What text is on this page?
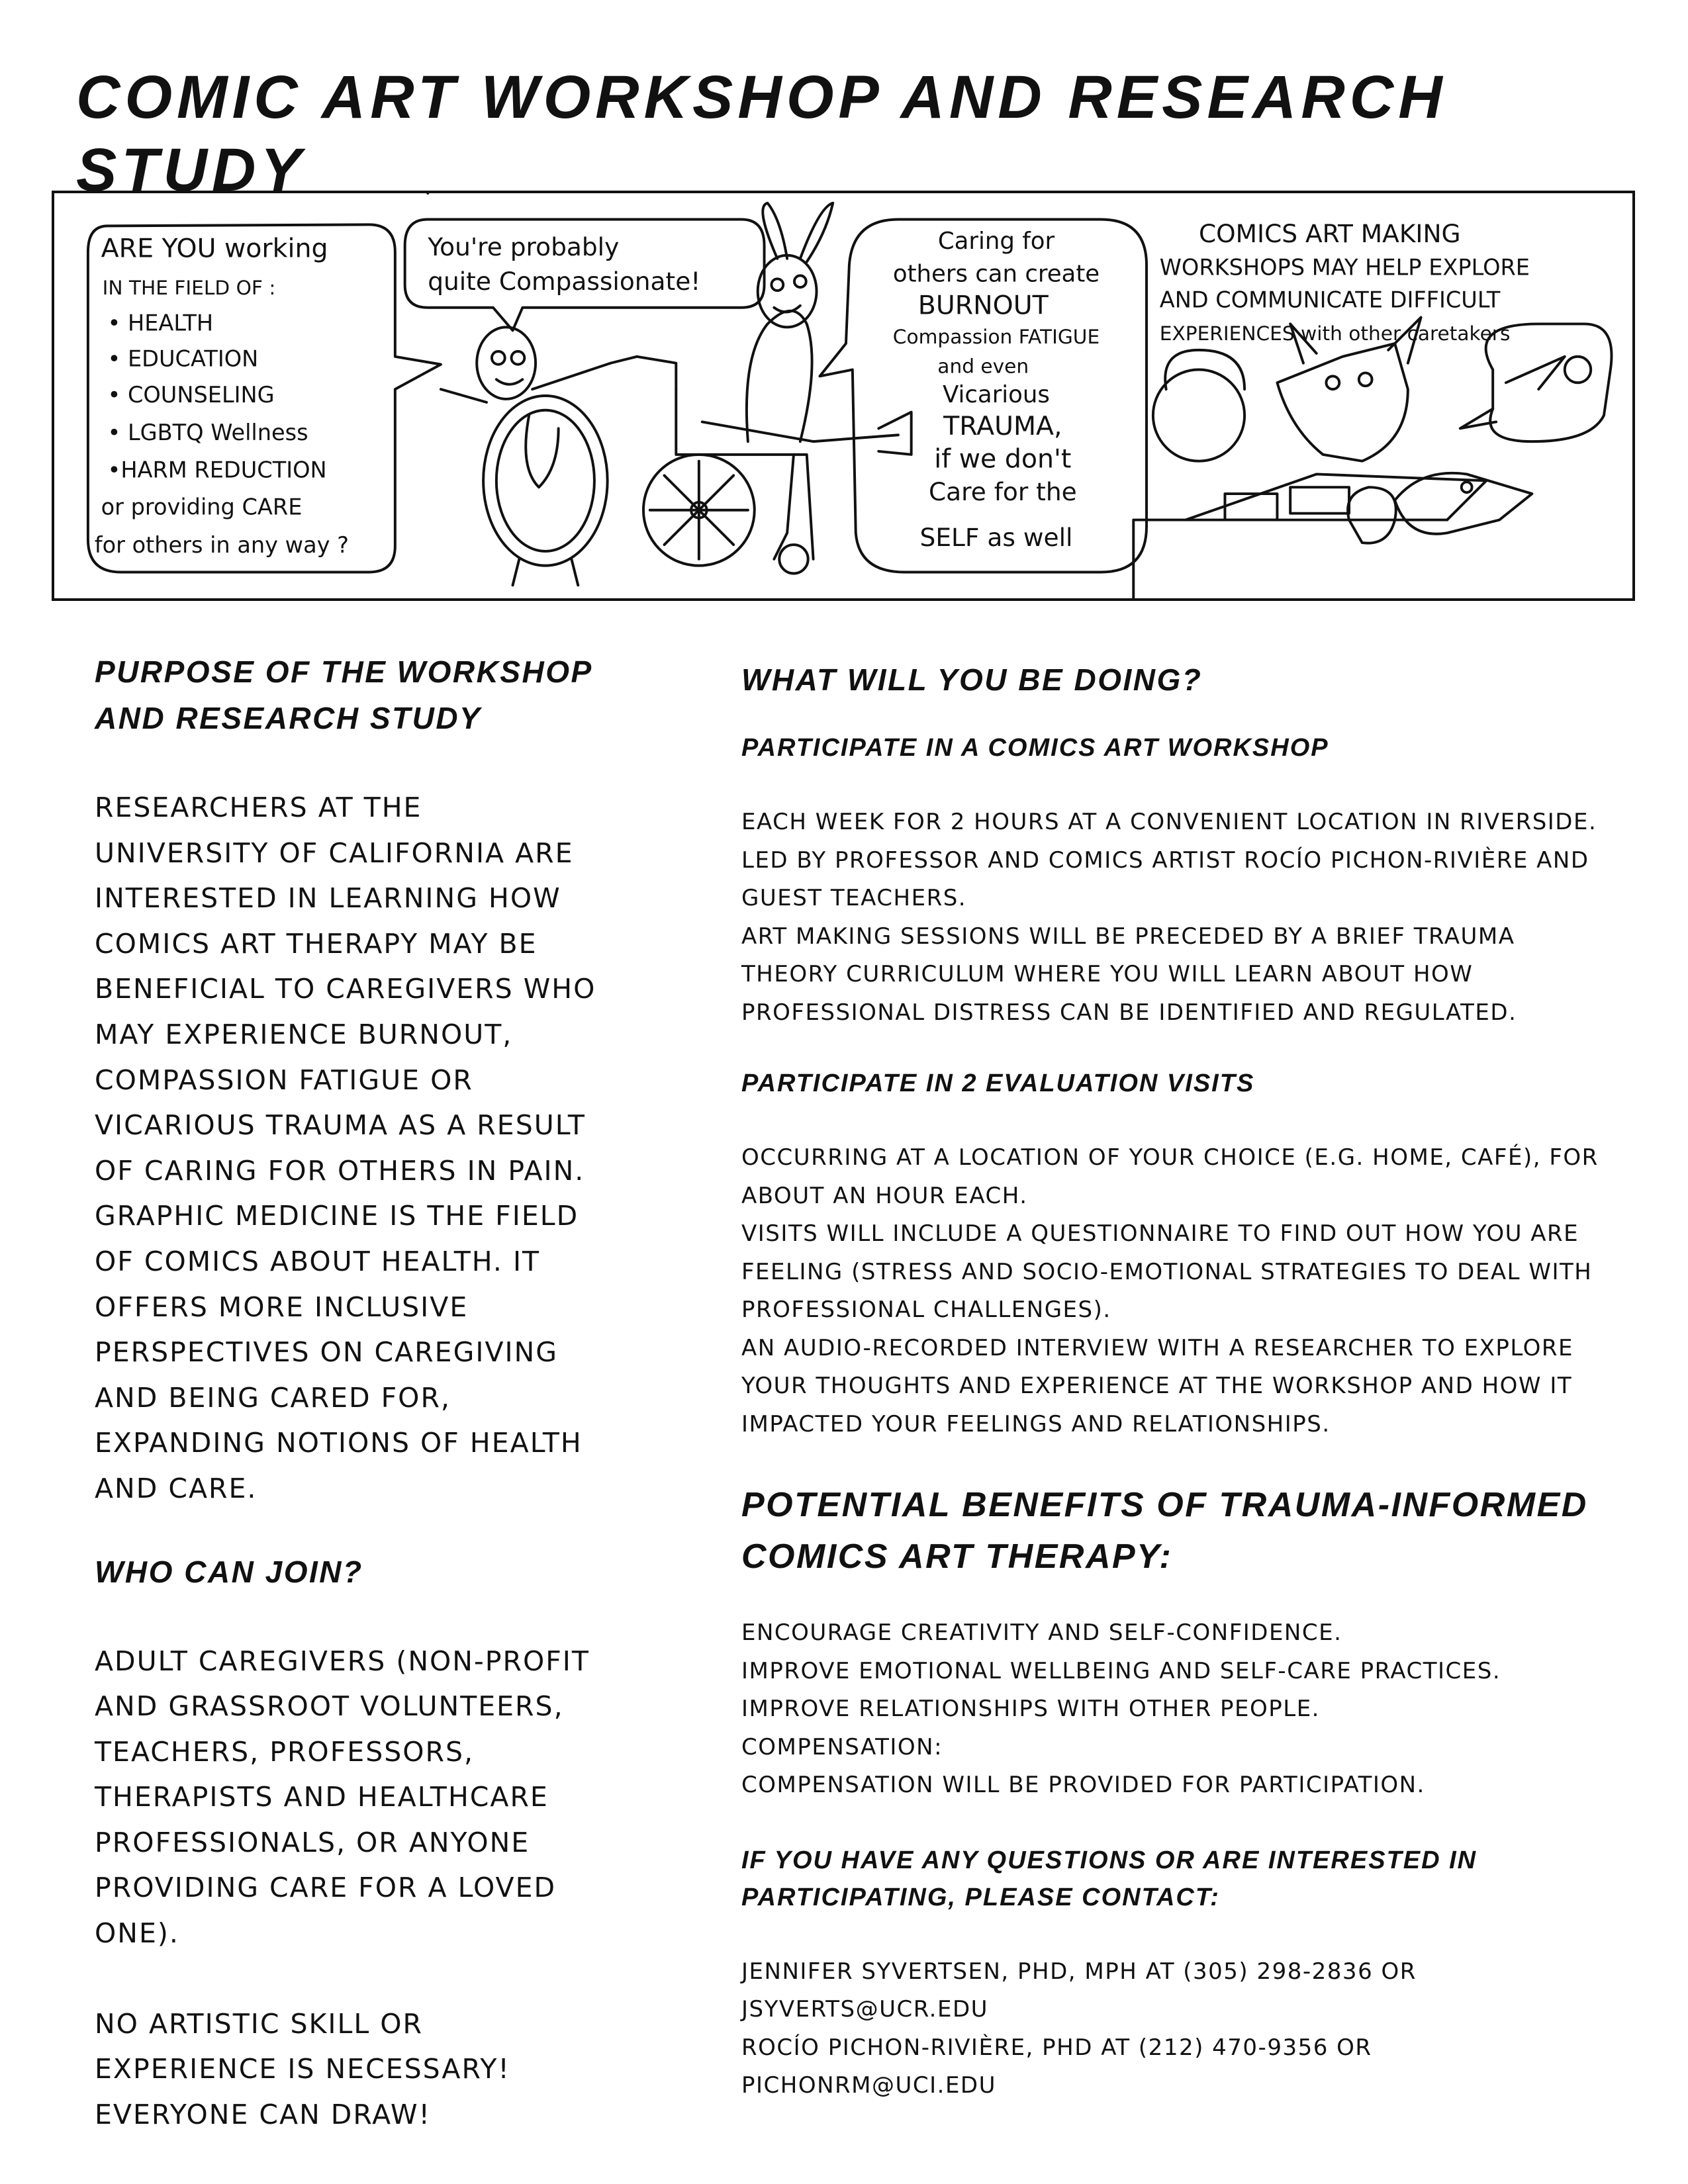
COMIC ART WORKSHOP AND RESEARCH STUDY
ARE YOU working
IN THE FIELD OF :
• HEALTH
• EDUCATION
• COUNSELING
• LGBTQ Wellness
•HARM REDUCTION
or providing CARE
for others in any way ?
You're probably
quite Compassionate!
Caring for
others can create
BURNOUT
Compassion FATIGUE
and even
Vicarious
TRAUMA,
if we don't
Care for the
SELF as well
COMICS ART MAKING
WORKSHOPS MAY HELP EXPLORE
AND COMMUNICATE DIFFICULT
EXPERIENCES with other caretakers
PURPOSE OF THE WORKSHOP
AND RESEARCH STUDY
RESEARCHERS AT THE
UNIVERSITY OF CALIFORNIA ARE
INTERESTED IN LEARNING HOW
COMICS ART THERAPY MAY BE
BENEFICIAL TO CAREGIVERS WHO
MAY EXPERIENCE BURNOUT,
COMPASSION FATIGUE OR
VICARIOUS TRAUMA AS A RESULT
OF CARING FOR OTHERS IN PAIN.
GRAPHIC MEDICINE IS THE FIELD
OF COMICS ABOUT HEALTH. IT
OFFERS MORE INCLUSIVE
PERSPECTIVES ON CAREGIVING
AND BEING CARED FOR,
EXPANDING NOTIONS OF HEALTH
AND CARE.
WHO CAN JOIN?
ADULT CAREGIVERS (NON-PROFIT
AND GRASSROOT VOLUNTEERS,
TEACHERS, PROFESSORS,
THERAPISTS AND HEALTHCARE
PROFESSIONALS, OR ANYONE
PROVIDING CARE FOR A LOVED
ONE).
NO ARTISTIC SKILL OR
EXPERIENCE IS NECESSARY!
EVERYONE CAN DRAW!
WHAT WILL YOU BE DOING?
PARTICIPATE IN A COMICS ART WORKSHOP
EACH WEEK FOR 2 HOURS AT A CONVENIENT LOCATION IN RIVERSIDE.
LED BY PROFESSOR AND COMICS ARTIST ROCÍO PICHON-RIVIÈRE AND
GUEST TEACHERS.
ART MAKING SESSIONS WILL BE PRECEDED BY A BRIEF TRAUMA
THEORY CURRICULUM WHERE YOU WILL LEARN ABOUT HOW
PROFESSIONAL DISTRESS CAN BE IDENTIFIED AND REGULATED.
PARTICIPATE IN 2 EVALUATION VISITS
OCCURRING AT A LOCATION OF YOUR CHOICE (E.G. HOME, CAFÉ), FOR
ABOUT AN HOUR EACH.
VISITS WILL INCLUDE A QUESTIONNAIRE TO FIND OUT HOW YOU ARE
FEELING (STRESS AND SOCIO-EMOTIONAL STRATEGIES TO DEAL WITH
PROFESSIONAL CHALLENGES).
AN AUDIO-RECORDED INTERVIEW WITH A RESEARCHER TO EXPLORE
YOUR THOUGHTS AND EXPERIENCE AT THE WORKSHOP AND HOW IT
IMPACTED YOUR FEELINGS AND RELATIONSHIPS.
POTENTIAL BENEFITS OF TRAUMA-INFORMED
COMICS ART THERAPY:
ENCOURAGE CREATIVITY AND SELF-CONFIDENCE.
IMPROVE EMOTIONAL WELLBEING AND SELF-CARE PRACTICES.
IMPROVE RELATIONSHIPS WITH OTHER PEOPLE.
COMPENSATION:
COMPENSATION WILL BE PROVIDED FOR PARTICIPATION.
IF YOU HAVE ANY QUESTIONS OR ARE INTERESTED IN
PARTICIPATING, PLEASE CONTACT:
JENNIFER SYVERTSEN, PHD, MPH AT (305) 298-2836 OR
JSYVERTS@UCR.EDU
ROCÍO PICHON-RIVIÈRE, PHD AT (212) 470-9356 OR
PICHONRM@UCI.EDU
